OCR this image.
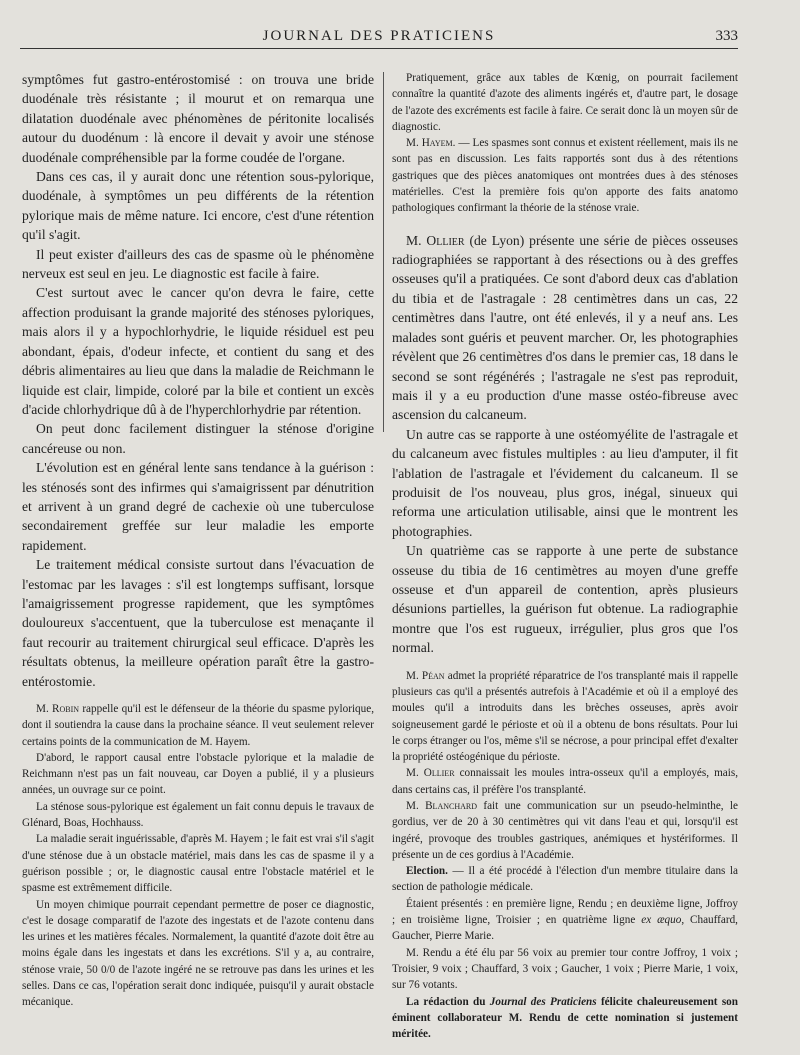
JOURNAL DES PRATICIENS	333

symptômes fut gastro-entérostomisé : on trouva une bride duodénale très résistante ; il mourut et on remarqua une dilatation duodénale avec phénomènes de péritonite localisés autour du duodénum : là encore il devait y avoir une sténose duodénale compréhensible par la forme coudée de l'organe.

Dans ces cas, il y aurait donc une rétention sous-pylorique, duodénale, à symptômes un peu différents de la rétention pylorique mais de même nature. Ici encore, c'est d'une rétention qu'il s'agit.

Il peut exister d'ailleurs des cas de spasme où le phénomène nerveux est seul en jeu. Le diagnostic est facile à faire.

C'est surtout avec le cancer qu'on devra le faire, cette affection produisant la grande majorité des sténoses pyloriques, mais alors il y a hypochlorhydrie, le liquide résiduel est peu abondant, épais, d'odeur infecte, et contient du sang et des débris alimentaires au lieu que dans la maladie de Reichmann le liquide est clair, limpide, coloré par la bile et contient un excès d'acide chlorhydrique dû à de l'hyperchlorhydrie par rétention.

On peut donc facilement distinguer la sténose d'origine cancéreuse ou non.

L'évolution est en général lente sans tendance à la guérison : les sténosés sont des infirmes qui s'amaigrissent par dénutrition et arrivent à un grand degré de cachexie où une tuberculose secondairement greffée sur leur maladie les emporte rapidement.

Le traitement médical consiste surtout dans l'évacuation de l'estomac par les lavages : s'il est longtemps suffisant, lorsque l'amaigrissement progresse rapidement, que les symptômes douloureux s'accentuent, que la tuberculose est menaçante il faut recourir au traitement chirurgical seul efficace. D'après les résultats obtenus, la meilleure opération paraît être la gastro-entérostomie.

M. Robin rappelle qu'il est le défenseur de la théorie du spasme pylorique, dont il soutiendra la cause dans la prochaine séance. Il veut seulement relever certains points de la communication de M. Hayem.

D'abord, le rapport causal entre l'obstacle pylorique et la maladie de Reichmann n'est pas un fait nouveau, car Doyen a publié, il y a plusieurs années, un ouvrage sur ce point.

La sténose sous-pylorique est également un fait connu depuis le travaux de Glénard, Boas, Hochhauss.

La maladie serait inguérissable, d'après M. Hayem ; le fait est vrai s'il s'agit d'une sténose due à un obstacle matériel, mais dans les cas de spasme il y a guérison possible ; or, le diagnostic causal entre l'obstacle matériel et le spasme est extrêmement difficile.

Un moyen chimique pourrait cependant permettre de poser ce diagnostic, c'est le dosage comparatif de l'azote des ingestats et de l'azote contenu dans les urines et les matières fécales. Normalement, la quantité d'azote doit être au moins égale dans les ingestats et dans les excrétions. S'il y a, au contraire, sténose vraie, 50 0/0 de l'azote ingéré ne se retrouve pas dans les urines et les selles. Dans ce cas, l'opération serait donc indiquée, puisqu'il y aurait obstacle mécanique.

Pratiquement, grâce aux tables de Kœnig, on pourrait facilement connaître la quantité d'azote des aliments ingérés et, d'autre part, le dosage de l'azote des excréments est facile à faire. Ce serait donc là un moyen sûr de diagnostic.

M. Hayem. — Les spasmes sont connus et existent réellement, mais ils ne sont pas en discussion. Les faits rapportés sont dus à des rétentions gastriques que des pièces anatomiques ont montrées dues à des sténoses matérielles. C'est la première fois qu'on apporte des faits anatomo pathologiques confirmant la théorie de la sténose vraie.

M. Ollier (de Lyon) présente une série de pièces osseuses radiographiées se rapportant à des résections ou à des greffes osseuses qu'il a pratiquées. Ce sont d'abord deux cas d'ablation du tibia et de l'astragale : 28 centimètres dans un cas, 22 centimètres dans l'autre, ont été enlevés, il y a neuf ans. Les malades sont guéris et peuvent marcher. Or, les photographies révèlent que 26 centimètres d'os dans le premier cas, 18 dans le second se sont régénérés ; l'astragale ne s'est pas reproduit, mais il y a eu production d'une masse ostéo-fibreuse avec ascension du calcaneum.

Un autre cas se rapporte à une ostéomyélite de l'astragale et du calcaneum avec fistules multiples : au lieu d'amputer, il fit l'ablation de l'astragale et l'évidement du calcaneum. Il se produisit de l'os nouveau, plus gros, inégal, sinueux qui reforma une articulation utilisable, ainsi que le montrent les photographies.

Un quatrième cas se rapporte à une perte de substance osseuse du tibia de 16 centimètres au moyen d'une greffe osseuse et d'un appareil de contention, après plusieurs désunions partielles, la guérison fut obtenue. La radiographie montre que l'os est rugueux, irrégulier, plus gros que l'os normal.

M. Péan admet la propriété réparatrice de l'os transplanté mais il rappelle plusieurs cas qu'il a présentés autrefois à l'Académie et où il a employé des moules qu'il a introduits dans les brèches osseuses, après avoir soigneusement gardé le périoste et où il a obtenu de bons résultats. Pour lui le corps étranger ou l'os, même s'il se nécrose, a pour principal effet d'exalter la propriété ostéogénique du périoste.

M. Ollier connaissait les moules intra-osseux qu'il a employés, mais, dans certains cas, il préfère l'os transplanté.

M. Blanchard fait une communication sur un pseudo-helminthe, le gordius, ver de 20 à 30 centimètres qui vit dans l'eau et qui, lorsqu'il est ingéré, provoque des troubles gastriques, anémiques et hystériformes. Il présente un de ces gordius à l'Académie.

Election. — Il a été procédé à l'élection d'un membre titulaire dans la section de pathologie médicale.

Étaient présentés : en première ligne, Rendu ; en deuxième ligne, Joffroy ; en troisième ligne, Troisier ; en quatrième ligne ex æquo, Chauffard, Gaucher, Pierre Marie.

M. Rendu a été élu par 56 voix au premier tour contre Joffroy, 1 voix ; Troisier, 9 voix ; Chauffard, 3 voix ; Gaucher, 1 voix ; Pierre Marie, 1 voix, sur 76 votants.

La rédaction du Journal des Praticiens félicite chaleureusement son éminent collaborateur M. Rendu de cette nomination si justement méritée.
